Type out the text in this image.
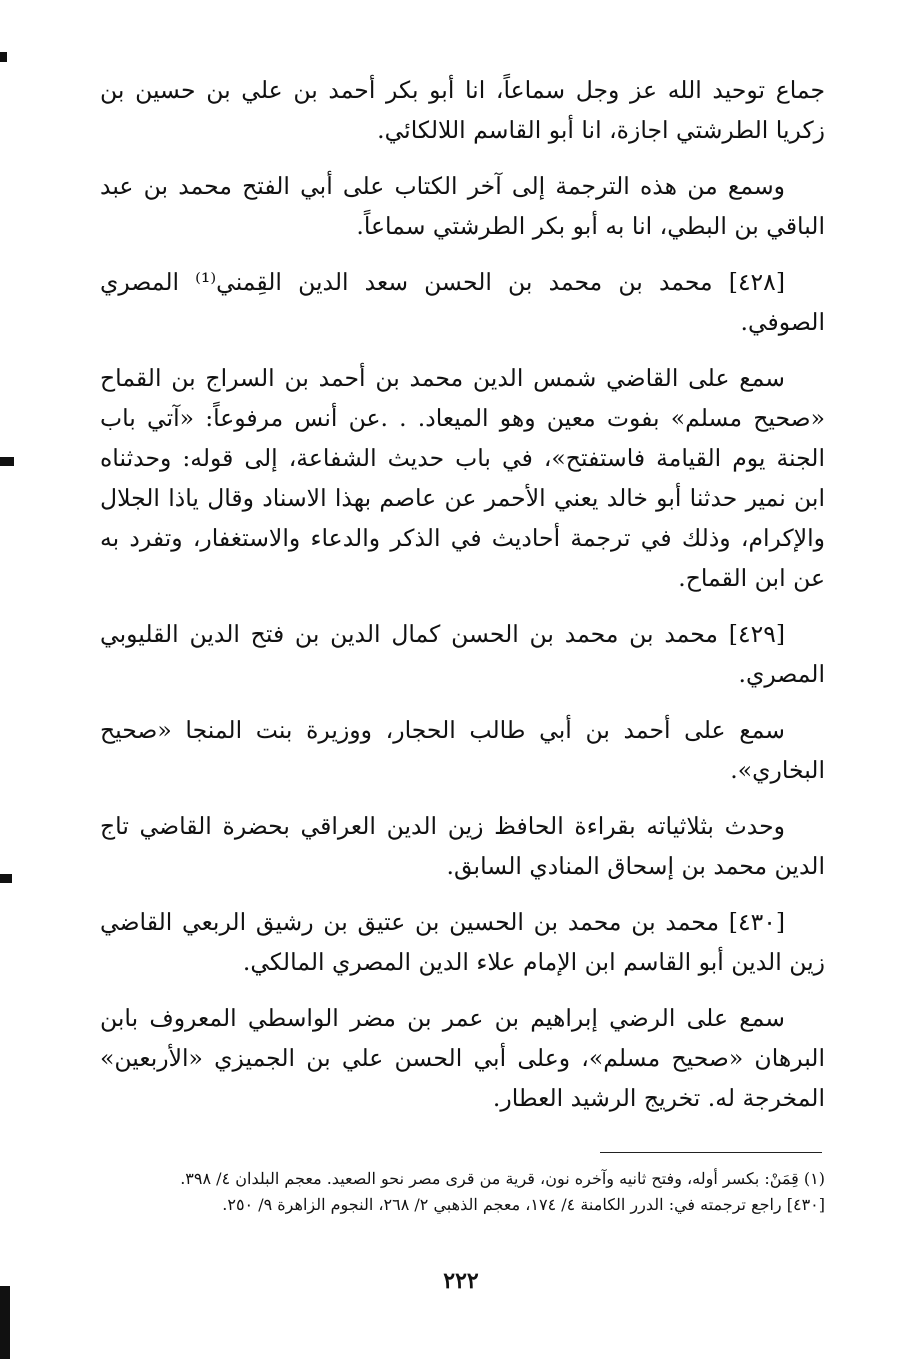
جماع توحيد الله عز وجل سماعاً، انا أبو بكر أحمد بن علي بن حسين بن زكريا الطرشتي اجازة، انا أبو القاسم اللالكائي.

وسمع من هذه الترجمة إلى آخر الكتاب على أبي الفتح محمد بن عبد الباقي بن البطي، انا به أبو بكر الطرشتي سماعاً.

[٤٢٨] محمد بن محمد بن الحسن سعد الدين القِمني⁽¹⁾ المصري الصوفي.

سمع على القاضي شمس الدين محمد بن أحمد بن السراج بن القماح «صحيح مسلم» بفوت معين وهو الميعاد. . .عن أنس مرفوعاً: «آتي باب الجنة يوم القيامة فاستفتح»، في باب حديث الشفاعة، إلى قوله: وحدثناه ابن نمير حدثنا أبو خالد يعني الأحمر عن عاصم بهذا الاسناد وقال ياذا الجلال والإكرام، وذلك في ترجمة أحاديث في الذكر والدعاء والاستغفار، وتفرد به عن ابن القماح.

[٤٢٩] محمد بن محمد بن الحسن كمال الدين بن فتح الدين القليوبي المصري.

سمع على أحمد بن أبي طالب الحجار، ووزيرة بنت المنجا «صحيح البخاري».

وحدث بثلاثياته بقراءة الحافظ زين الدين العراقي بحضرة القاضي تاج الدين محمد بن إسحاق المنادي السابق.

[٤٣٠] محمد بن محمد بن الحسين بن عتيق بن رشيق الربعي القاضي زين الدين أبو القاسم ابن الإمام علاء الدين المصري المالكي.

سمع على الرضي إبراهيم بن عمر بن مضر الواسطي المعروف بابن البرهان «صحيح مسلم»، وعلى أبي الحسن علي بن الجميزي «الأربعين» المخرجة له. تخريج الرشيد العطار.

(١) قِمَنْ: بكسر أوله، وفتح ثانيه وآخره نون، قرية من قرى مصر نحو الصعيد. معجم البلدان ٤/ ٣٩٨.

[٤٣٠] راجع ترجمته في: الدرر الكامنة ٤/ ١٧٤، معجم الذهبي ٢/ ٢٦٨، النجوم الزاهرة ٩/ ٢٥٠.

٢٢٢
